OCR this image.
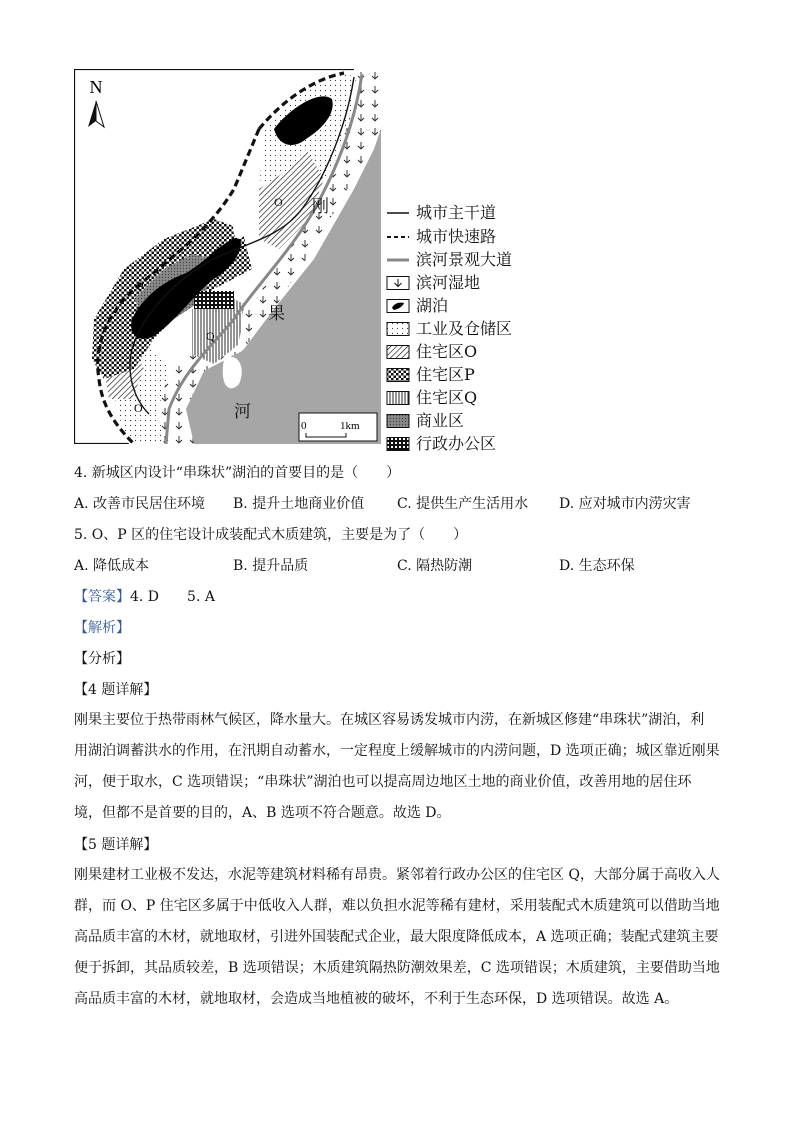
N
O
P
Q
O
刚
果
河
0	1km
城市主干道
城市快速路
滨河景观大道
滨河湿地
湖泊
工业及仓储区
住宅区O
住宅区P
住宅区Q
商业区
行政办公区
4. 新城区内设计“串珠状”湖泊的首要目的是（　　）
A. 改善市民居住环境 B. 提升土地商业价值 C. 提供生产生活用水 D. 应对城市内涝灾害
5. O、P 区的住宅设计成装配式木质建筑，主要是为了（　　）
A. 降低成本	B. 提升品质	C. 隔热防潮	D. 生态环保
【答案】4. D　　5. A
【解析】
【分析】
【4 题详解】
刚果主要位于热带雨林气候区，降水量大。在城区容易诱发城市内涝，在新城区修建“串珠状”湖泊，利
用湖泊调蓄洪水的作用，在汛期自动蓄水，一定程度上缓解城市的内涝问题，D 选项正确；城区靠近刚果
河，便于取水，C 选项错误；“串珠状”湖泊也可以提高周边地区土地的商业价值，改善用地的居住环
境，但都不是首要的目的，A、B 选项不符合题意。故选 D。
【5 题详解】
刚果建材工业极不发达，水泥等建筑材料稀有昂贵。紧邻着行政办公区的住宅区 Q，大部分属于高收入人
群，而 O、P 住宅区多属于中低收入人群，难以负担水泥等稀有建材，采用装配式木质建筑可以借助当地
高品质丰富的木材，就地取材，引进外国装配式企业，最大限度降低成本，A 选项正确；装配式建筑主要
便于拆卸，其品质较差，B 选项错误；木质建筑隔热防潮效果差，C 选项错误；木质建筑，主要借助当地
高品质丰富的木材，就地取材，会造成当地植被的破坏，不利于生态环保，D 选项错误。故选 A。
